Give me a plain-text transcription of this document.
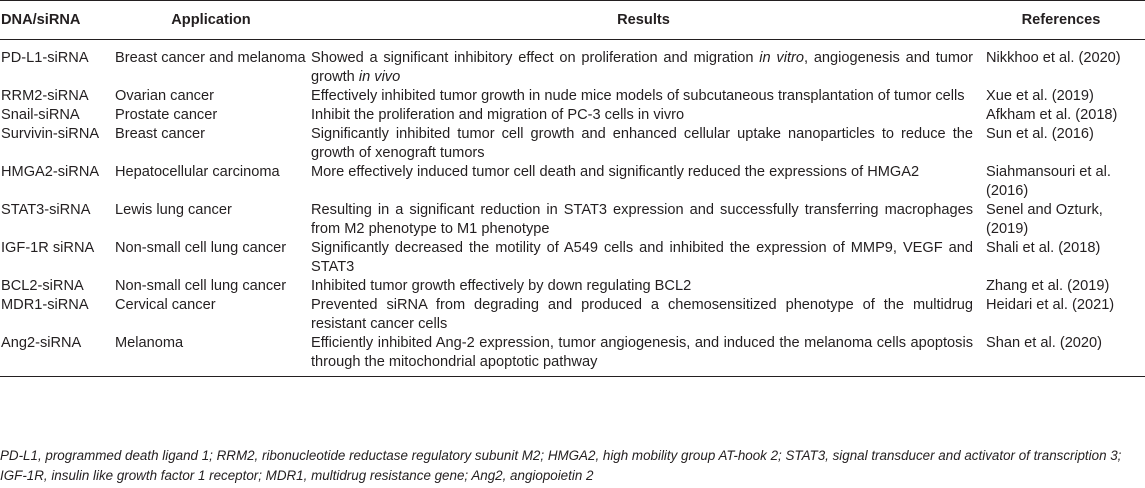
DNA/siRNA	Application	Results	References
PD-L1-siRNA	Breast cancer and melanoma	Showed a significant inhibitory effect on proliferation and migration in vitro, angiogenesis and tumor growth in vivo	Nikkhoo et al. (2020)
RRM2-siRNA	Ovarian cancer	Effectively inhibited tumor growth in nude mice models of subcutaneous transplantation of tumor cells	Xue et al. (2019)
Snail-siRNA	Prostate cancer	Inhibit the proliferation and migration of PC-3 cells in vivro	Afkham et al. (2018)
Survivin-siRNA	Breast cancer	Significantly inhibited tumor cell growth and enhanced cellular uptake nanoparticles to reduce the growth of xenograft tumors	Sun et al. (2016)
HMGA2-siRNA	Hepatocellular carcinoma	More effectively induced tumor cell death and significantly reduced the expressions of HMGA2	Siahmansouri et al. (2016)
STAT3-siRNA	Lewis lung cancer	Resulting in a significant reduction in STAT3 expression and successfully transferring macrophages from M2 phenotype to M1 phenotype	Senel and Ozturk, (2019)
IGF-1R siRNA	Non-small cell lung cancer	Significantly decreased the motility of A549 cells and inhibited the expression of MMP9, VEGF and STAT3	Shali et al. (2018)
BCL2-siRNA	Non-small cell lung cancer	Inhibited tumor growth effectively by down regulating BCL2	Zhang et al. (2019)
MDR1-siRNA	Cervical cancer	Prevented siRNA from degrading and produced a chemosensitized phenotype of the multidrug resistant cancer cells	Heidari et al. (2021)
Ang2-siRNA	Melanoma	Efficiently inhibited Ang-2 expression, tumor angiogenesis, and induced the melanoma cells apoptosis through the mitochondrial apoptotic pathway	Shan et al. (2020)
PD-L1, programmed death ligand 1; RRM2, ribonucleotide reductase regulatory subunit M2; HMGA2, high mobility group AT-hook 2; STAT3, signal transducer and activator of transcription 3; IGF-1R, insulin like growth factor 1 receptor; MDR1, multidrug resistance gene; Ang2, angiopoietin 2
